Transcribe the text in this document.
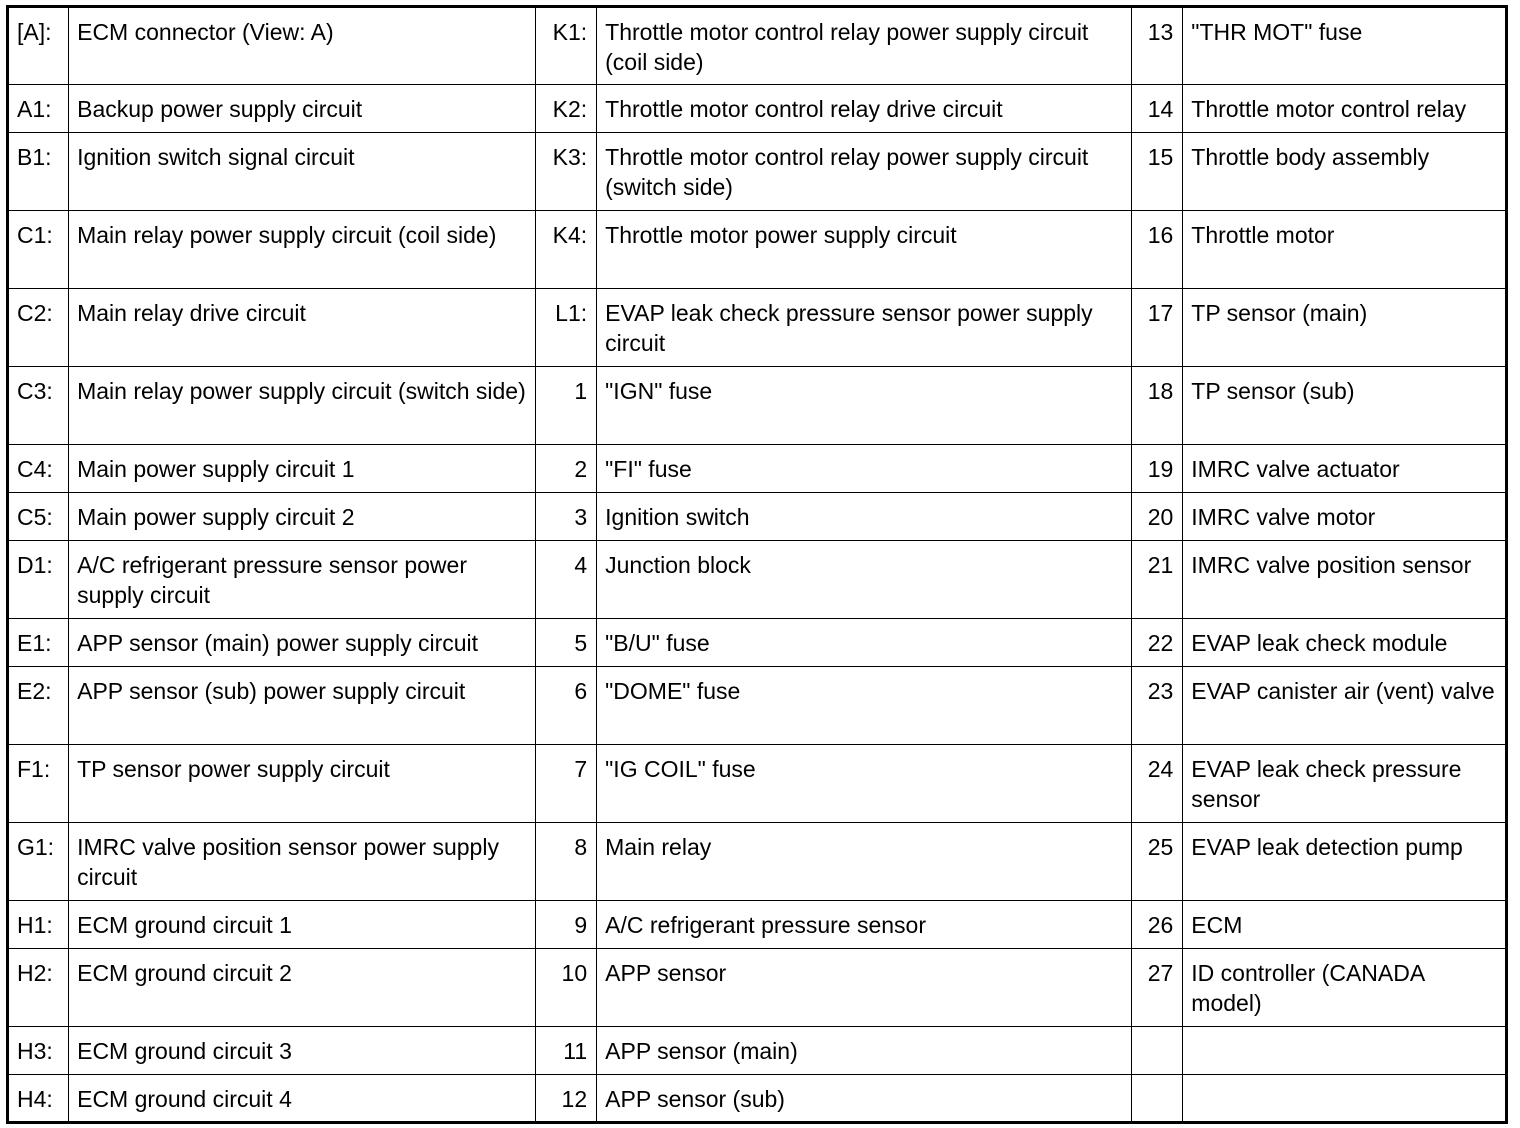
[A]:	ECM connector (View: A)	K1:	Throttle motor control relay power supply circuit (coil side)	13	"THR MOT" fuse
A1:	Backup power supply circuit	K2:	Throttle motor control relay drive circuit	14	Throttle motor control relay
B1:	Ignition switch signal circuit	K3:	Throttle motor control relay power supply circuit (switch side)	15	Throttle body assembly
C1:	Main relay power supply circuit (coil side)	K4:	Throttle motor power supply circuit	16	Throttle motor
C2:	Main relay drive circuit	L1:	EVAP leak check pressure sensor power supply circuit	17	TP sensor (main)
C3:	Main relay power supply circuit (switch side)	1	"IGN" fuse	18	TP sensor (sub)
C4:	Main power supply circuit 1	2	"FI" fuse	19	IMRC valve actuator
C5:	Main power supply circuit 2	3	Ignition switch	20	IMRC valve motor
D1:	A/C refrigerant pressure sensor power supply circuit	4	Junction block	21	IMRC valve position sensor
E1:	APP sensor (main) power supply circuit	5	"B/U" fuse	22	EVAP leak check module
E2:	APP sensor (sub) power supply circuit	6	"DOME" fuse	23	EVAP canister air (vent) valve
F1:	TP sensor power supply circuit	7	"IG COIL" fuse	24	EVAP leak check pressure sensor
G1:	IMRC valve position sensor power supply circuit	8	Main relay	25	EVAP leak detection pump
H1:	ECM ground circuit 1	9	A/C refrigerant pressure sensor	26	ECM
H2:	ECM ground circuit 2	10	APP sensor	27	ID controller (CANADA model)
H3:	ECM ground circuit 3	11	APP sensor (main)		
H4:	ECM ground circuit 4	12	APP sensor (sub)		
